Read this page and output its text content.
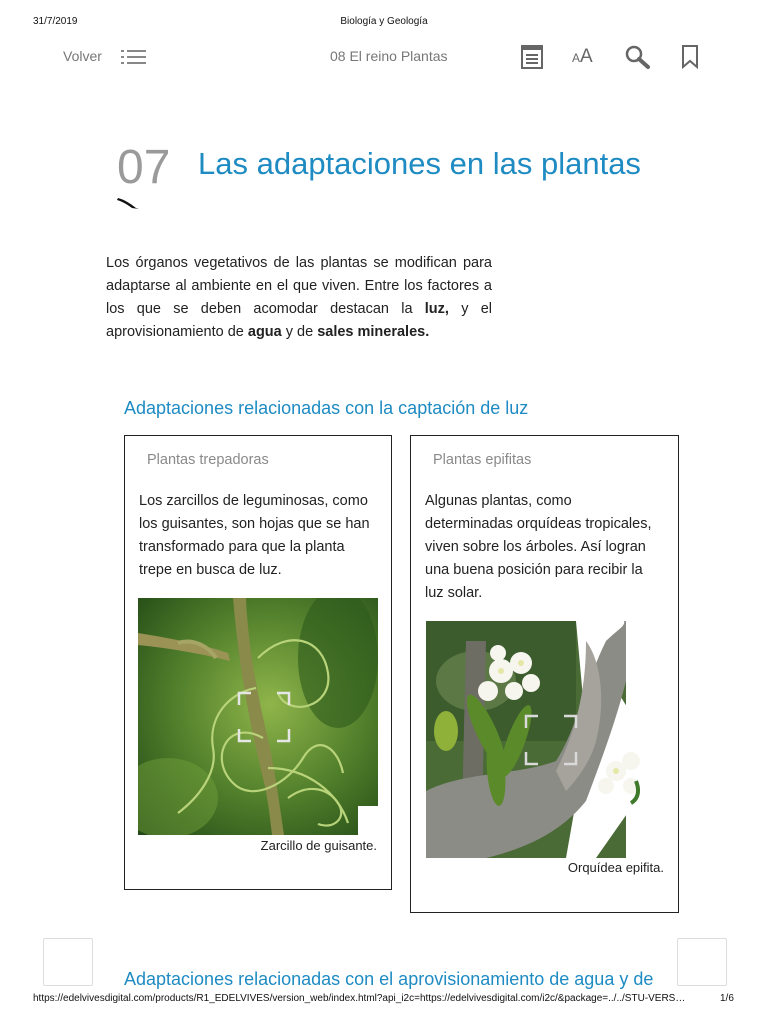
31/7/2019	Biología y Geología
Volver	08 El reino Plantas	AA
07 Las adaptaciones en las plantas

Los órganos vegetativos de las plantas se modifican para adaptarse al ambiente en el que viven. Entre los factores a los que se deben acomodar destacan la luz, y el aprovisionamiento de agua y de sales minerales.

Adaptaciones relacionadas con la captación de luz
Plantas trepadoras
Los zarcillos de leguminosas, como
los guisantes, son hojas que se han
transformado para que la planta
trepe en busca de luz.
Zarcillo de guisante.
Plantas epifitas
Algunas plantas, como
determinadas orquídeas tropicales,
viven sobre los árboles. Así logran
una buena posición para recibir la
luz solar.
Orquídea epifita.
Adaptaciones relacionadas con el aprovisionamiento de agua y de
https://edelvivesdigital.com/products/R1_EDELVIVES/version_web/index.html?api_i2c=https://edelvivesdigital.com/i2c/&package=../../STU-VERS…	1/6
